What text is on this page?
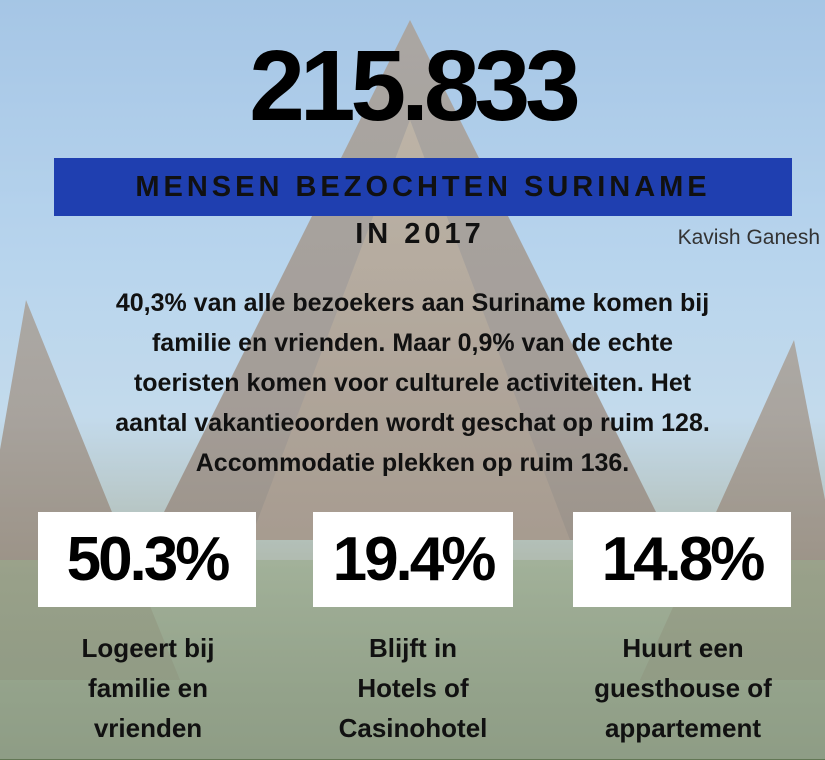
215.833
MENSEN BEZOCHTEN SURINAME
IN 2017	Kavish Ganesh
40,3% van alle bezoekers aan Suriname komen bij
familie en vrienden. Maar 0,9% van de echte
toeristen komen voor culturele activiteiten. Het
aantal vakantieoorden wordt geschat op ruim 128.
Accommodatie plekken op ruim 136.
50.3%	19.4%	14.8%
Logeert bij
familie en
vrienden
Blijft in
Hotels of
Casinohotel
Huurt een
guesthouse of
appartement
